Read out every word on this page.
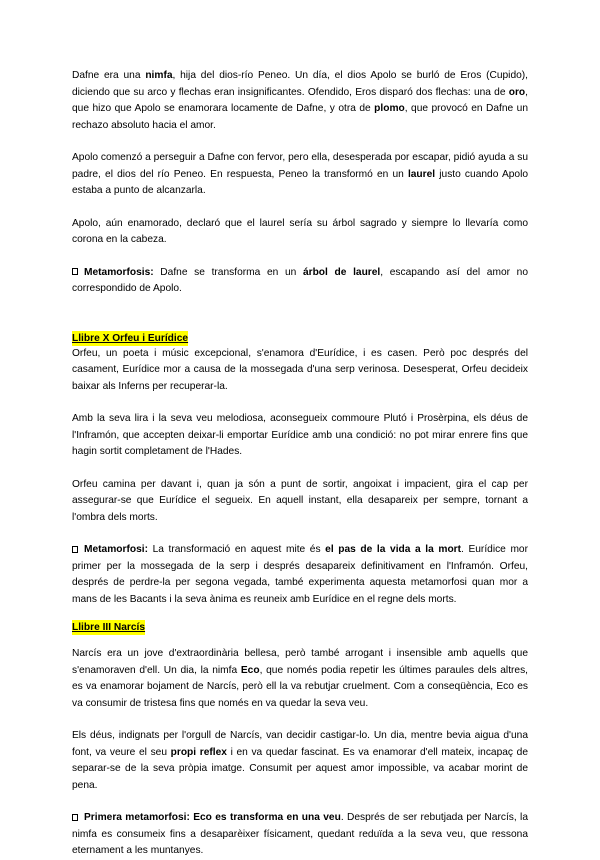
Dafne era una nimfa, hija del dios-río Peneo. Un día, el dios Apolo se burló de Eros (Cupido), diciendo que su arco y flechas eran insignificantes. Ofendido, Eros disparó dos flechas: una de oro, que hizo que Apolo se enamorara locamente de Dafne, y otra de plomo, que provocó en Dafne un rechazo absoluto hacia el amor.

Apolo comenzó a perseguir a Dafne con fervor, pero ella, desesperada por escapar, pidió ayuda a su padre, el dios del río Peneo. En respuesta, Peneo la transformó en un laurel justo cuando Apolo estaba a punto de alcanzarla.

Apolo, aún enamorado, declaró que el laurel sería su árbol sagrado y siempre lo llevaría como corona en la cabeza.

Metamorfosis: Dafne se transforma en un árbol de laurel, escapando así del amor no correspondido de Apolo.

Llibre X Orfeu i Eurídice

Orfeu, un poeta i músic excepcional, s'enamora d'Eurídice, i es casen. Però poc després del casament, Eurídice mor a causa de la mossegada d'una serp verinosa. Desesperat, Orfeu decideix baixar als Inferns per recuperar-la.

Amb la seva lira i la seva veu melodiosa, aconsegueix commoure Plutó i Prosèrpina, els déus de l'Inframón, que accepten deixar-li emportar Eurídice amb una condició: no pot mirar enrere fins que hagin sortit completament de l'Hades.

Orfeu camina per davant i, quan ja són a punt de sortir, angoixat i impacient, gira el cap per assegurar-se que Eurídice el segueix. En aquell instant, ella desapareix per sempre, tornant a l'ombra dels morts.

Metamorfosi: La transformació en aquest mite és el pas de la vida a la mort. Eurídice mor primer per la mossegada de la serp i després desapareix definitivament en l'Inframón. Orfeu, després de perdre-la per segona vegada, també experimenta aquesta metamorfosi quan mor a mans de les Bacants i la seva ànima es reuneix amb Eurídice en el regne dels morts.

Llibre III Narcís

Narcís era un jove d'extraordinària bellesa, però també arrogant i insensible amb aquells que s'enamoraven d'ell. Un dia, la nimfa Eco, que només podia repetir les últimes paraules dels altres, es va enamorar bojament de Narcís, però ell la va rebutjar cruelment. Com a conseqüència, Eco es va consumir de tristesa fins que només en va quedar la seva veu.

Els déus, indignats per l'orgull de Narcís, van decidir castigar-lo. Un dia, mentre bevia aigua d'una font, va veure el seu propi reflex i en va quedar fascinat. Es va enamorar d'ell mateix, incapaç de separar-se de la seva pròpia imatge. Consumit per aquest amor impossible, va acabar morint de pena.

Primera metamorfosi: Eco es transforma en una veu. Després de ser rebutjada per Narcís, la nimfa es consumeix fins a desaparèixer físicament, quedant reduïda a la seva veu, que ressona eternament a les muntanyes.
